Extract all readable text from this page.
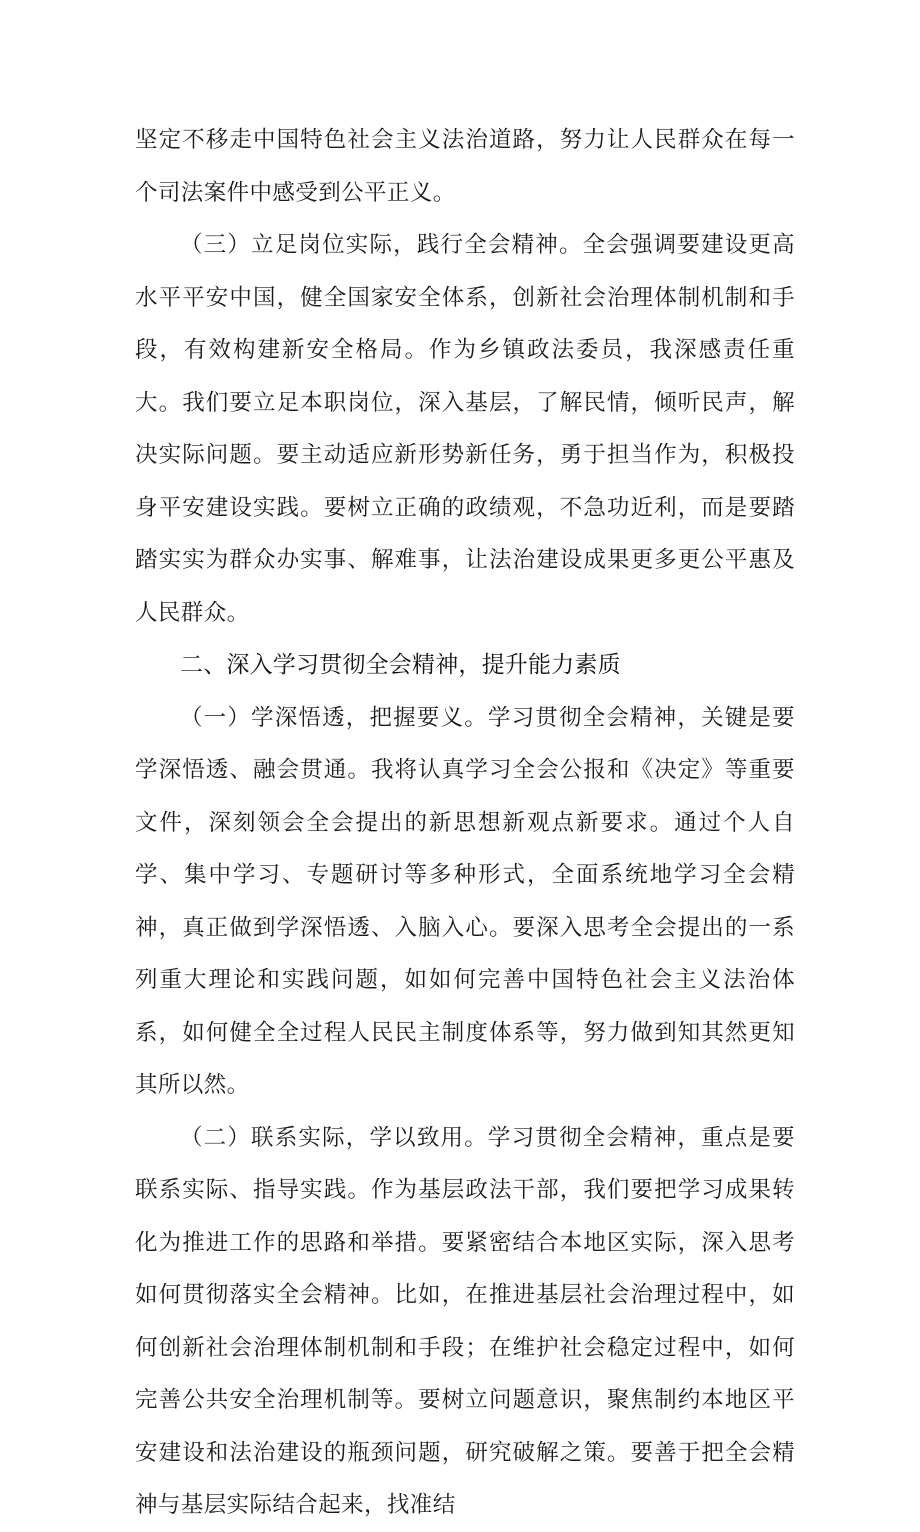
坚定不移走中国特色社会主义法治道路，努力让人民群众在每一个司法案件中感受到公平正义。

（三）立足岗位实际，践行全会精神。全会强调要建设更高水平平安中国，健全国家安全体系，创新社会治理体制机制和手段，有效构建新安全格局。作为乡镇政法委员，我深感责任重大。我们要立足本职岗位，深入基层，了解民情，倾听民声，解决实际问题。要主动适应新形势新任务，勇于担当作为，积极投身平安建设实践。要树立正确的政绩观，不急功近利，而是要踏踏实实为群众办实事、解难事，让法治建设成果更多更公平惠及人民群众。

二、深入学习贯彻全会精神，提升能力素质

（一）学深悟透，把握要义。学习贯彻全会精神，关键是要学深悟透、融会贯通。我将认真学习全会公报和《决定》等重要文件，深刻领会全会提出的新思想新观点新要求。通过个人自学、集中学习、专题研讨等多种形式，全面系统地学习全会精神，真正做到学深悟透、入脑入心。要深入思考全会提出的一系列重大理论和实践问题，如如何完善中国特色社会主义法治体系，如何健全全过程人民民主制度体系等，努力做到知其然更知其所以然。

（二）联系实际，学以致用。学习贯彻全会精神，重点是要联系实际、指导实践。作为基层政法干部，我们要把学习成果转化为推进工作的思路和举措。要紧密结合本地区实际，深入思考如何贯彻落实全会精神。比如，在推进基层社会治理过程中，如何创新社会治理体制机制和手段；在维护社会稳定过程中，如何完善公共安全治理机制等。要树立问题意识，聚焦制约本地区平安建设和法治建设的瓶颈问题，研究破解之策。要善于把全会精神与基层实际结合起来，找准结
